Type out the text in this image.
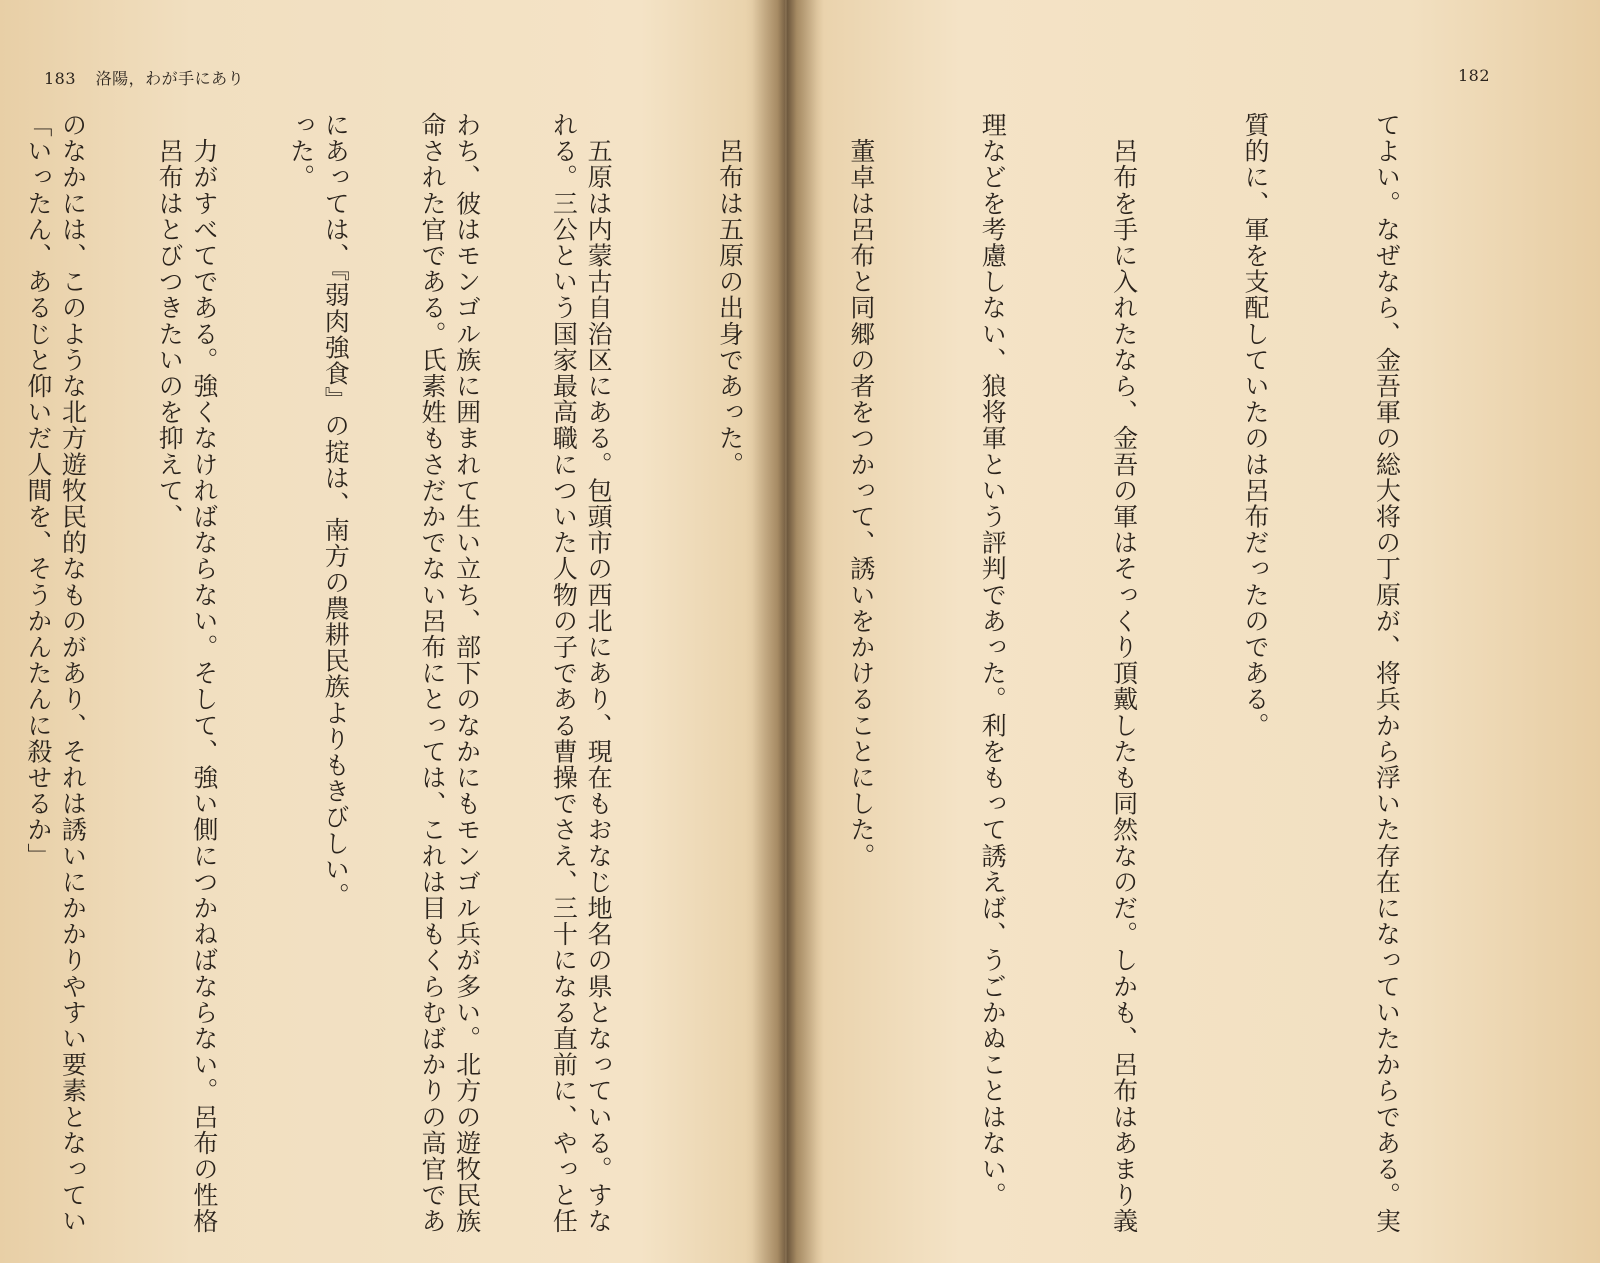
183 洛陽，わが手にあり

れる。三公という国家最高職についた人物の子である曹操でさえ、三十になる直前に、やっと任

命された官である。氏素姓もさだかでない呂布にとっては、これは目もくらむばかりの高官であ

った。

　呂布はとびつきたいのを抑えて、

「いったん、あるじと仰いだ人間を、そうかんたんに殺せるか」

182

てよい。なぜなら、金吾軍の総大将の丁原が、将兵から浮いた存在になっていたからである。実

質的に、軍を支配していたのは呂布だったのである。

　呂布を手に入れたなら、金吾の軍はそっくり頂戴したも同然なのだ。しかも、呂布はあまり義

理などを考慮しない、狼将軍という評判であった。利をもって誘えば、うごかぬことはない。

　董卓は呂布と同郷の者をつかって、誘いをかけることにした。

　呂布は五原の出身であった。

　五原は内蒙古自治区にある。包頭市の西北にあり、現在もおなじ地名の県となっている。すな

わち、彼はモンゴル族に囲まれて生い立ち、部下のなかにもモンゴル兵が多い。北方の遊牧民族

にあっては、『弱肉強食』の掟は、南方の農耕民族よりもきびしい。

　力がすべてである。強くなければならない。そして、強い側につかねばならない。呂布の性格

のなかには、このような北方遊牧民的なものがあり、それは誘いにかかりやすい要素となってい
